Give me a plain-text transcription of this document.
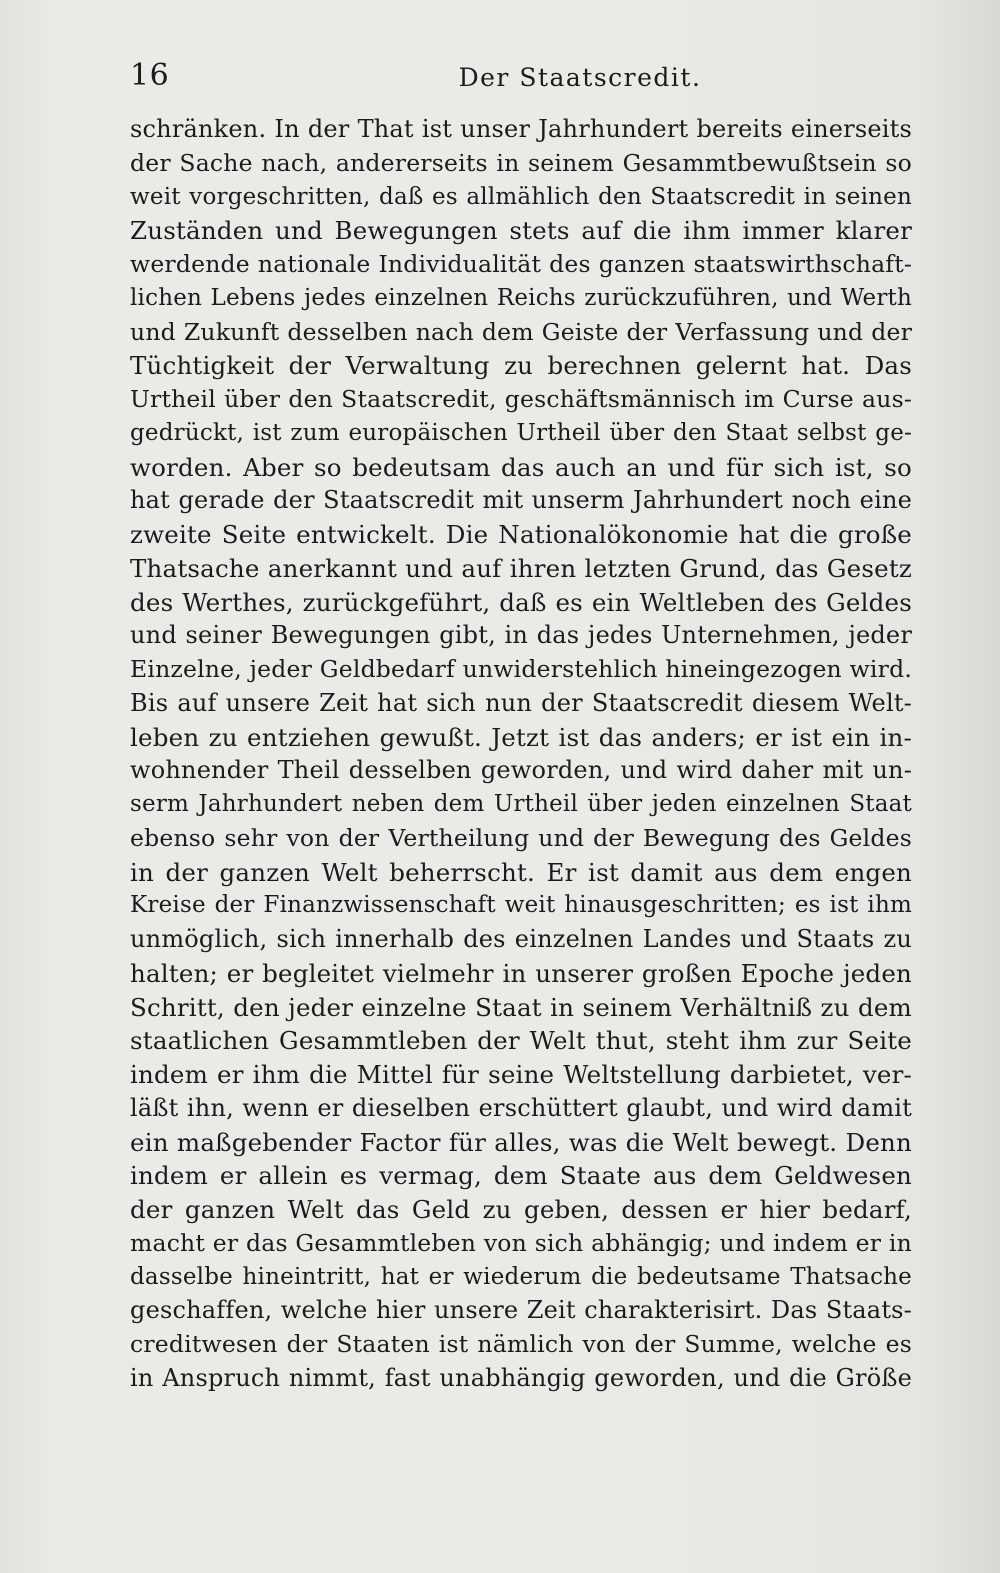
16	Der Staatscredit.
schränken. In der That ist unser Jahrhundert bereits einerseits
der Sache nach, andererseits in seinem Gesammtbewußtsein so
weit vorgeschritten, daß es allmählich den Staatscredit in seinen
Zuständen und Bewegungen stets auf die ihm immer klarer
werdende nationale Individualität des ganzen staatswirthschaft-
lichen Lebens jedes einzelnen Reichs zurückzuführen, und Werth
und Zukunft desselben nach dem Geiste der Verfassung und der
Tüchtigkeit der Verwaltung zu berechnen gelernt hat. Das
Urtheil über den Staatscredit, geschäftsmännisch im Curse aus-
gedrückt, ist zum europäischen Urtheil über den Staat selbst ge-
worden. Aber so bedeutsam das auch an und für sich ist, so
hat gerade der Staatscredit mit unserm Jahrhundert noch eine
zweite Seite entwickelt. Die Nationalökonomie hat die große
Thatsache anerkannt und auf ihren letzten Grund, das Gesetz
des Werthes, zurückgeführt, daß es ein Weltleben des Geldes
und seiner Bewegungen gibt, in das jedes Unternehmen, jeder
Einzelne, jeder Geldbedarf unwiderstehlich hineingezogen wird.
Bis auf unsere Zeit hat sich nun der Staatscredit diesem Welt-
leben zu entziehen gewußt. Jetzt ist das anders; er ist ein in-
wohnender Theil desselben geworden, und wird daher mit un-
serm Jahrhundert neben dem Urtheil über jeden einzelnen Staat
ebenso sehr von der Vertheilung und der Bewegung des Geldes
in der ganzen Welt beherrscht. Er ist damit aus dem engen
Kreise der Finanzwissenschaft weit hinausgeschritten; es ist ihm
unmöglich, sich innerhalb des einzelnen Landes und Staats zu
halten; er begleitet vielmehr in unserer großen Epoche jeden
Schritt, den jeder einzelne Staat in seinem Verhältniß zu dem
staatlichen Gesammtleben der Welt thut, steht ihm zur Seite
indem er ihm die Mittel für seine Weltstellung darbietet, ver-
läßt ihn, wenn er dieselben erschüttert glaubt, und wird damit
ein maßgebender Factor für alles, was die Welt bewegt. Denn
indem er allein es vermag, dem Staate aus dem Geldwesen
der ganzen Welt das Geld zu geben, dessen er hier bedarf,
macht er das Gesammtleben von sich abhängig; und indem er in
dasselbe hineintritt, hat er wiederum die bedeutsame Thatsache
geschaffen, welche hier unsere Zeit charakterisirt. Das Staats-
creditwesen der Staaten ist nämlich von der Summe, welche es
in Anspruch nimmt, fast unabhängig geworden, und die Größe
